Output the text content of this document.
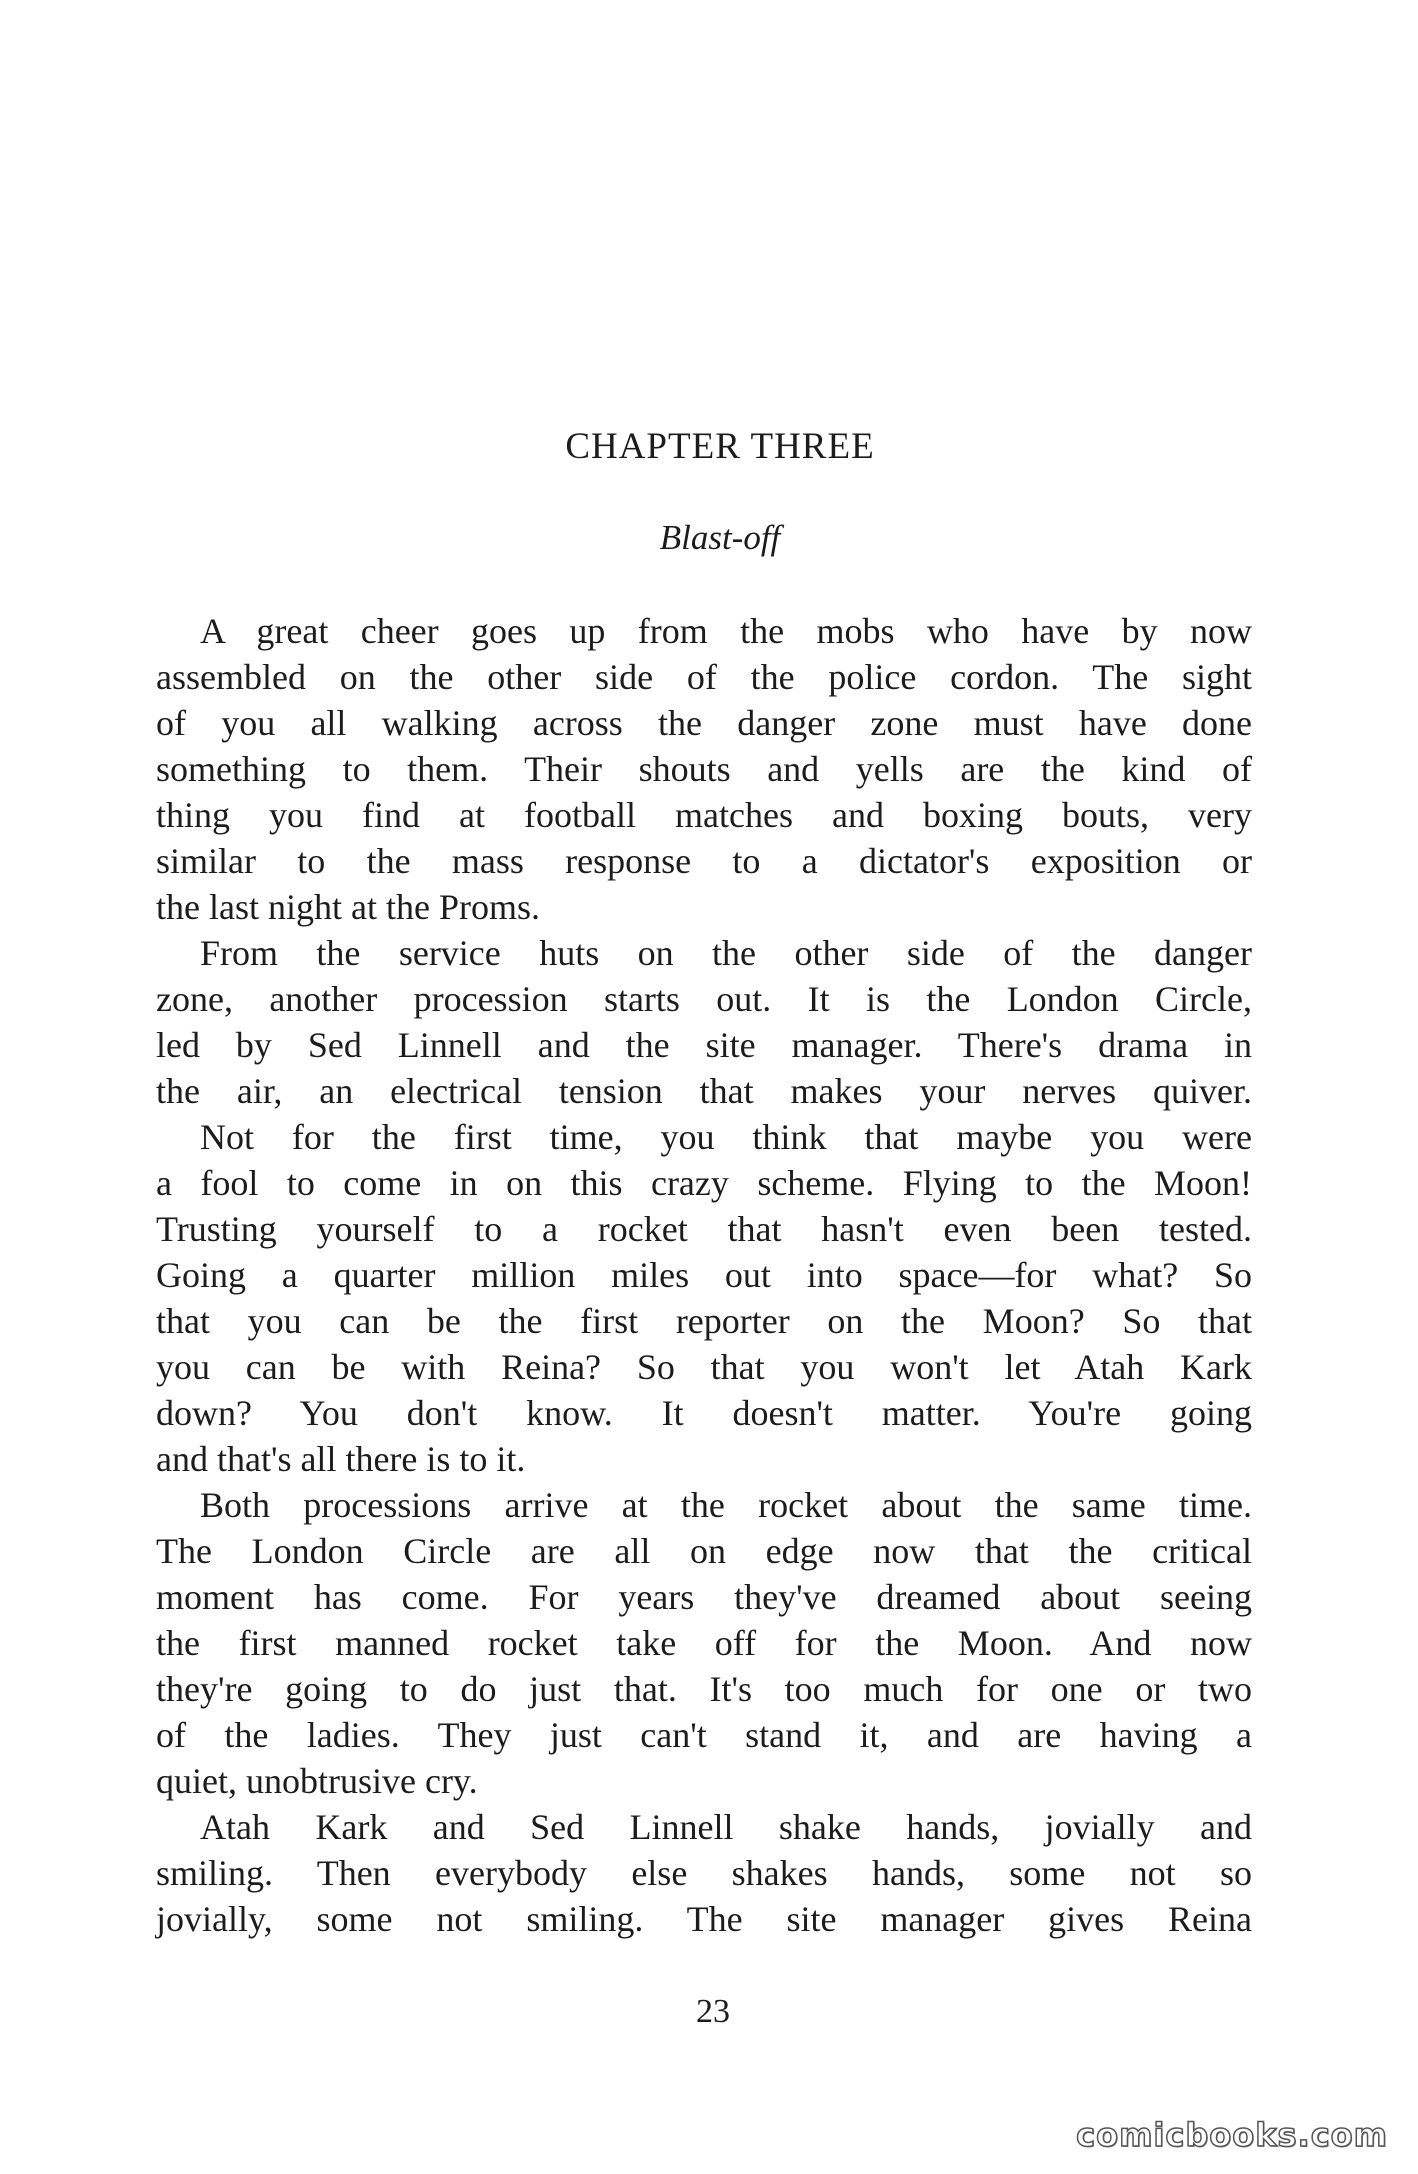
CHAPTER THREE
Blast-off
A great cheer goes up from the mobs who have by now
assembled on the other side of the police cordon. The sight
of you all walking across the danger zone must have done
something to them. Their shouts and yells are the kind of
thing you find at football matches and boxing bouts, very
similar to the mass response to a dictator's exposition or
the last night at the Proms.
From the service huts on the other side of the danger
zone, another procession starts out. It is the London Circle,
led by Sed Linnell and the site manager. There's drama in
the air, an electrical tension that makes your nerves quiver.
Not for the first time, you think that maybe you were
a fool to come in on this crazy scheme. Flying to the Moon!
Trusting yourself to a rocket that hasn't even been tested.
Going a quarter million miles out into space—for what? So
that you can be the first reporter on the Moon? So that
you can be with Reina? So that you won't let Atah Kark
down? You don't know. It doesn't matter. You're going
and that's all there is to it.
Both processions arrive at the rocket about the same time.
The London Circle are all on edge now that the critical
moment has come. For years they've dreamed about seeing
the first manned rocket take off for the Moon. And now
they're going to do just that. It's too much for one or two
of the ladies. They just can't stand it, and are having a
quiet, unobtrusive cry.
Atah Kark and Sed Linnell shake hands, jovially and
smiling. Then everybody else shakes hands, some not so
jovially, some not smiling. The site manager gives Reina
23
comicbooks.com
